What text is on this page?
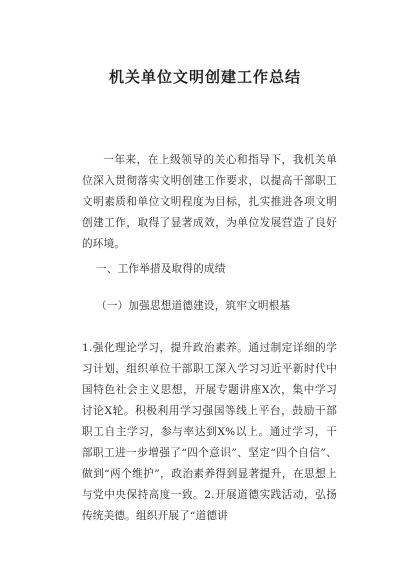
机关单位文明创建工作总结
一年来，在上级领导的关心和指导下，我机关单位深入贯彻落实文明创建工作要求，以提高干部职工文明素质和单位文明程度为目标，扎实推进各项文明创建工作，取得了显著成效，为单位发展营造了良好的环境。
一、工作举措及取得的成绩
（一）加强思想道德建设，筑牢文明根基
1.强化理论学习，提升政治素养。通过制定详细的学习计划，组织单位干部职工深入学习习近平新时代中国特色社会主义思想，开展专题讲座X次，集中学习讨论X轮。积极利用学习强国等线上平台，鼓励干部职工自主学习，参与率达到X%以上。通过学习，干部职工进一步增强了“四个意识”、坚定“四个自信”、做到“两个维护”，政治素养得到显著提升，在思想上与党中央保持高度一致。2.开展道德实践活动，弘扬传统美德。组织开展了“道德讲
